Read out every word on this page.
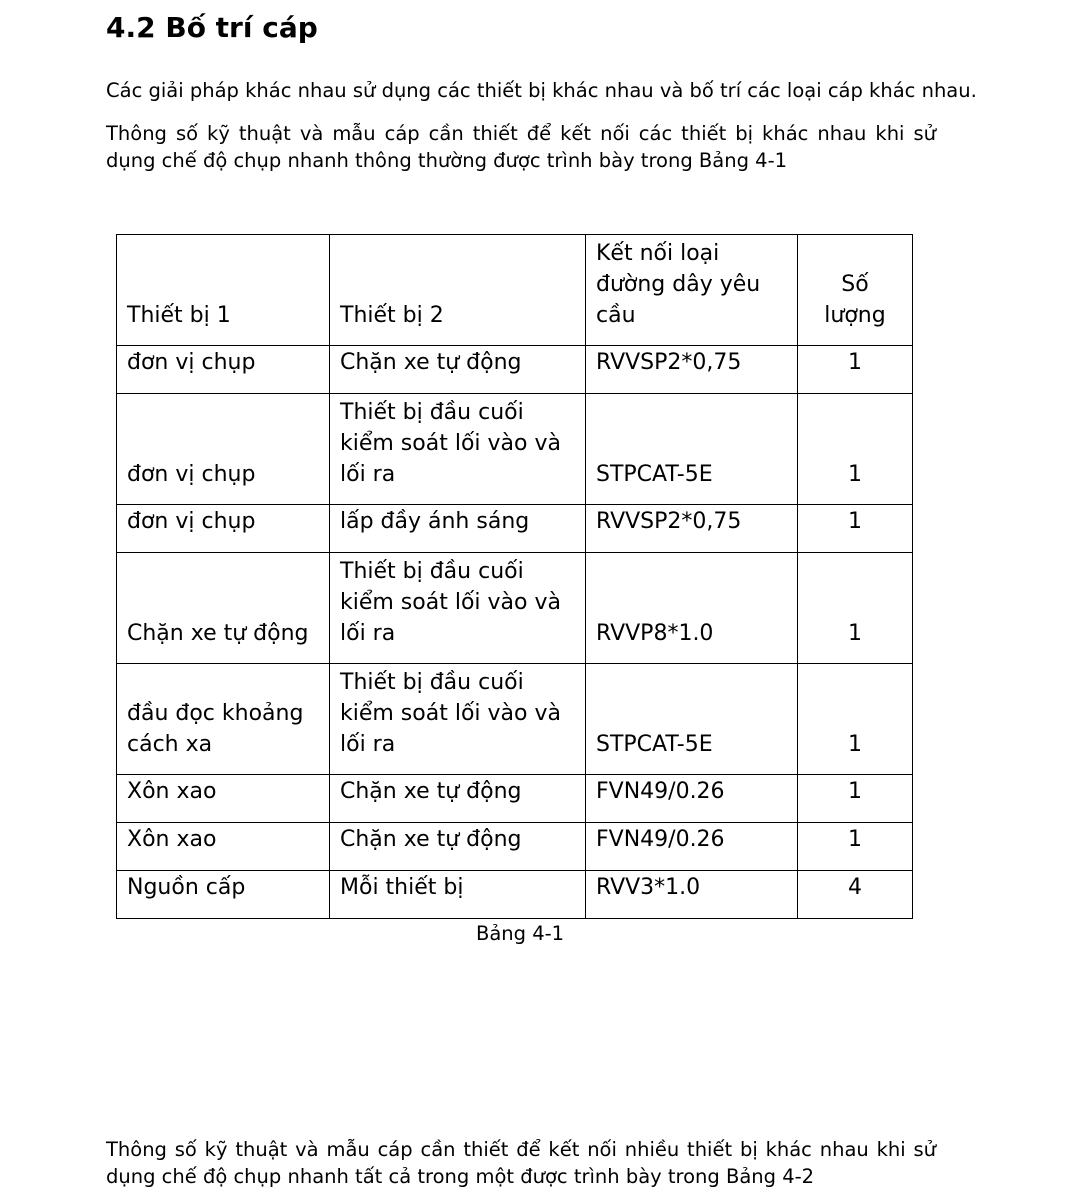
4.2 Bố trí cáp

Các giải pháp khác nhau sử dụng các thiết bị khác nhau và bố trí các loại cáp khác nhau.

Thông số kỹ thuật và mẫu cáp cần thiết để kết nối các thiết bị khác nhau khi sử dụng chế độ chụp nhanh thông thường được trình bày trong Bảng 4-1

Thiết bị 1	Thiết bị 2	Kết nối loại đường dây yêu cầu	Số lượng
đơn vị chụp	Chặn xe tự động	RVVSP2*0,75	1
đơn vị chụp	Thiết bị đầu cuối kiểm soát lối vào và lối ra	STPCAT-5E	1
đơn vị chụp	lấp đầy ánh sáng	RVVSP2*0,75	1
Chặn xe tự động	Thiết bị đầu cuối kiểm soát lối vào và lối ra	RVVP8*1.0	1
đầu đọc khoảng cách xa	Thiết bị đầu cuối kiểm soát lối vào và lối ra	STPCAT-5E	1
Xôn xao	Chặn xe tự động	FVN49/0.26	1
Xôn xao	Chặn xe tự động	FVN49/0.26	1
Nguồn cấp	Mỗi thiết bị	RVV3*1.0	4

Bảng 4-1

Thông số kỹ thuật và mẫu cáp cần thiết để kết nối nhiều thiết bị khác nhau khi sử dụng chế độ chụp nhanh tất cả trong một được trình bày trong Bảng 4-2
